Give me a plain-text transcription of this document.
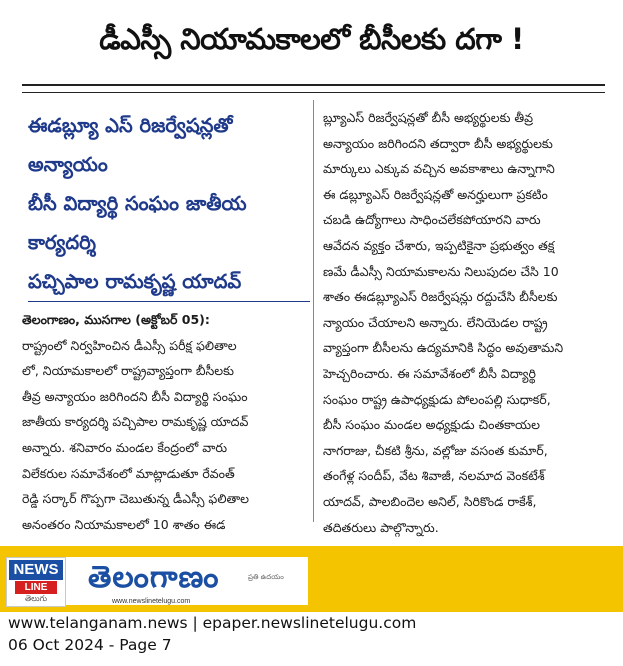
డీఎస్సీ నియామకాలలో బీసీలకు దగా !
ఈడబ్ల్యూ ఎస్ రిజర్వేషన్లతో
అన్యాయం
బీసీ విద్యార్థి సంఘం జాతీయ
కార్యదర్శి
పచ్చిపాల రామకృష్ణ యాదవ్
తెలంగాణం, ముసగాల (అక్టోబర్ 05):
రాష్ట్రంలో నిర్వహించిన డీఎస్సీ పరీక్ష ఫలితాల
లో, నియామకాలలో రాష్ట్రవ్యాప్తంగా బీసీలకు
తీవ్ర అన్యాయం జరిగిందని బీసీ విద్యార్థి సంఘం
జాతీయ కార్యదర్శి పచ్చిపాల రామకృష్ణ యాదవ్
అన్నారు. శనివారం మండల కేంద్రంలో వారు
విలేకరుల సమావేశంలో మాట్లాడుతూ రేవంత్
రెడ్డి సర్కార్ గొప్పగా చెబుతున్న డీఎస్సీ ఫలితాల
అనంతరం నియామకాలలో 10 శాతం ఈడ
బ్ల్యూఎస్ రిజర్వేషన్లతో బీసీ అభ్యర్థులకు తీవ్ర
అన్యాయం జరిగిందని తద్వారా బీసీ అభ్యర్థులకు
మార్కులు ఎక్కువ వచ్చిన అవకాశాలు ఉన్నాగాని
ఈ డబ్ల్యూఎస్ రిజర్వేషన్లతో అనర్హులుగా ప్రకటిం
చబడి ఉద్యోగాలు సాధించలేకపోయారని వారు
ఆవేదన వ్యక్తం చేశారు, ఇప్పటికైనా ప్రభుత్వం తక్ష
ణమే డీఎస్సీ నియామకాలను నిలుపుదల చేసి 10
శాతం ఈడబ్ల్యూఎస్ రిజర్వేషన్లు రద్దుచేసి బీసీలకు
న్యాయం చేయాలని అన్నారు. లేనియెడల రాష్ట్ర
వ్యాప్తంగా బీసీలను ఉద్యమానికి సిద్ధం అవుతామని
హెచ్చరించారు. ఈ సమావేశంలో బీసీ విద్యార్థి
సంఘం రాష్ట్ర ఉపాధ్యక్షుడు పోలంపల్లి సుధాకర్,
బీసీ సంఘం మండల అధ్యక్షుడు చింతకాయల
నాగరాజు, చీకటి శ్రీను, వల్లోజు వసంత కుమార్,
తంగేళ్ల సందీప్, వేట శివాజీ, నలమాద వెంకటేశ్
యాదవ్, పాలబిందెల అనిల్, సిరికొండ రాకేశ్,
తదితరులు పాల్గొన్నారు.
NEWS
LINE
తెలుగు
తెలంగాణం
www.newslinetelugu.com
ప్రతి ఉదయం
www.telanganam.news | epaper.newslinetelugu.com
06 Oct 2024 - Page 7
